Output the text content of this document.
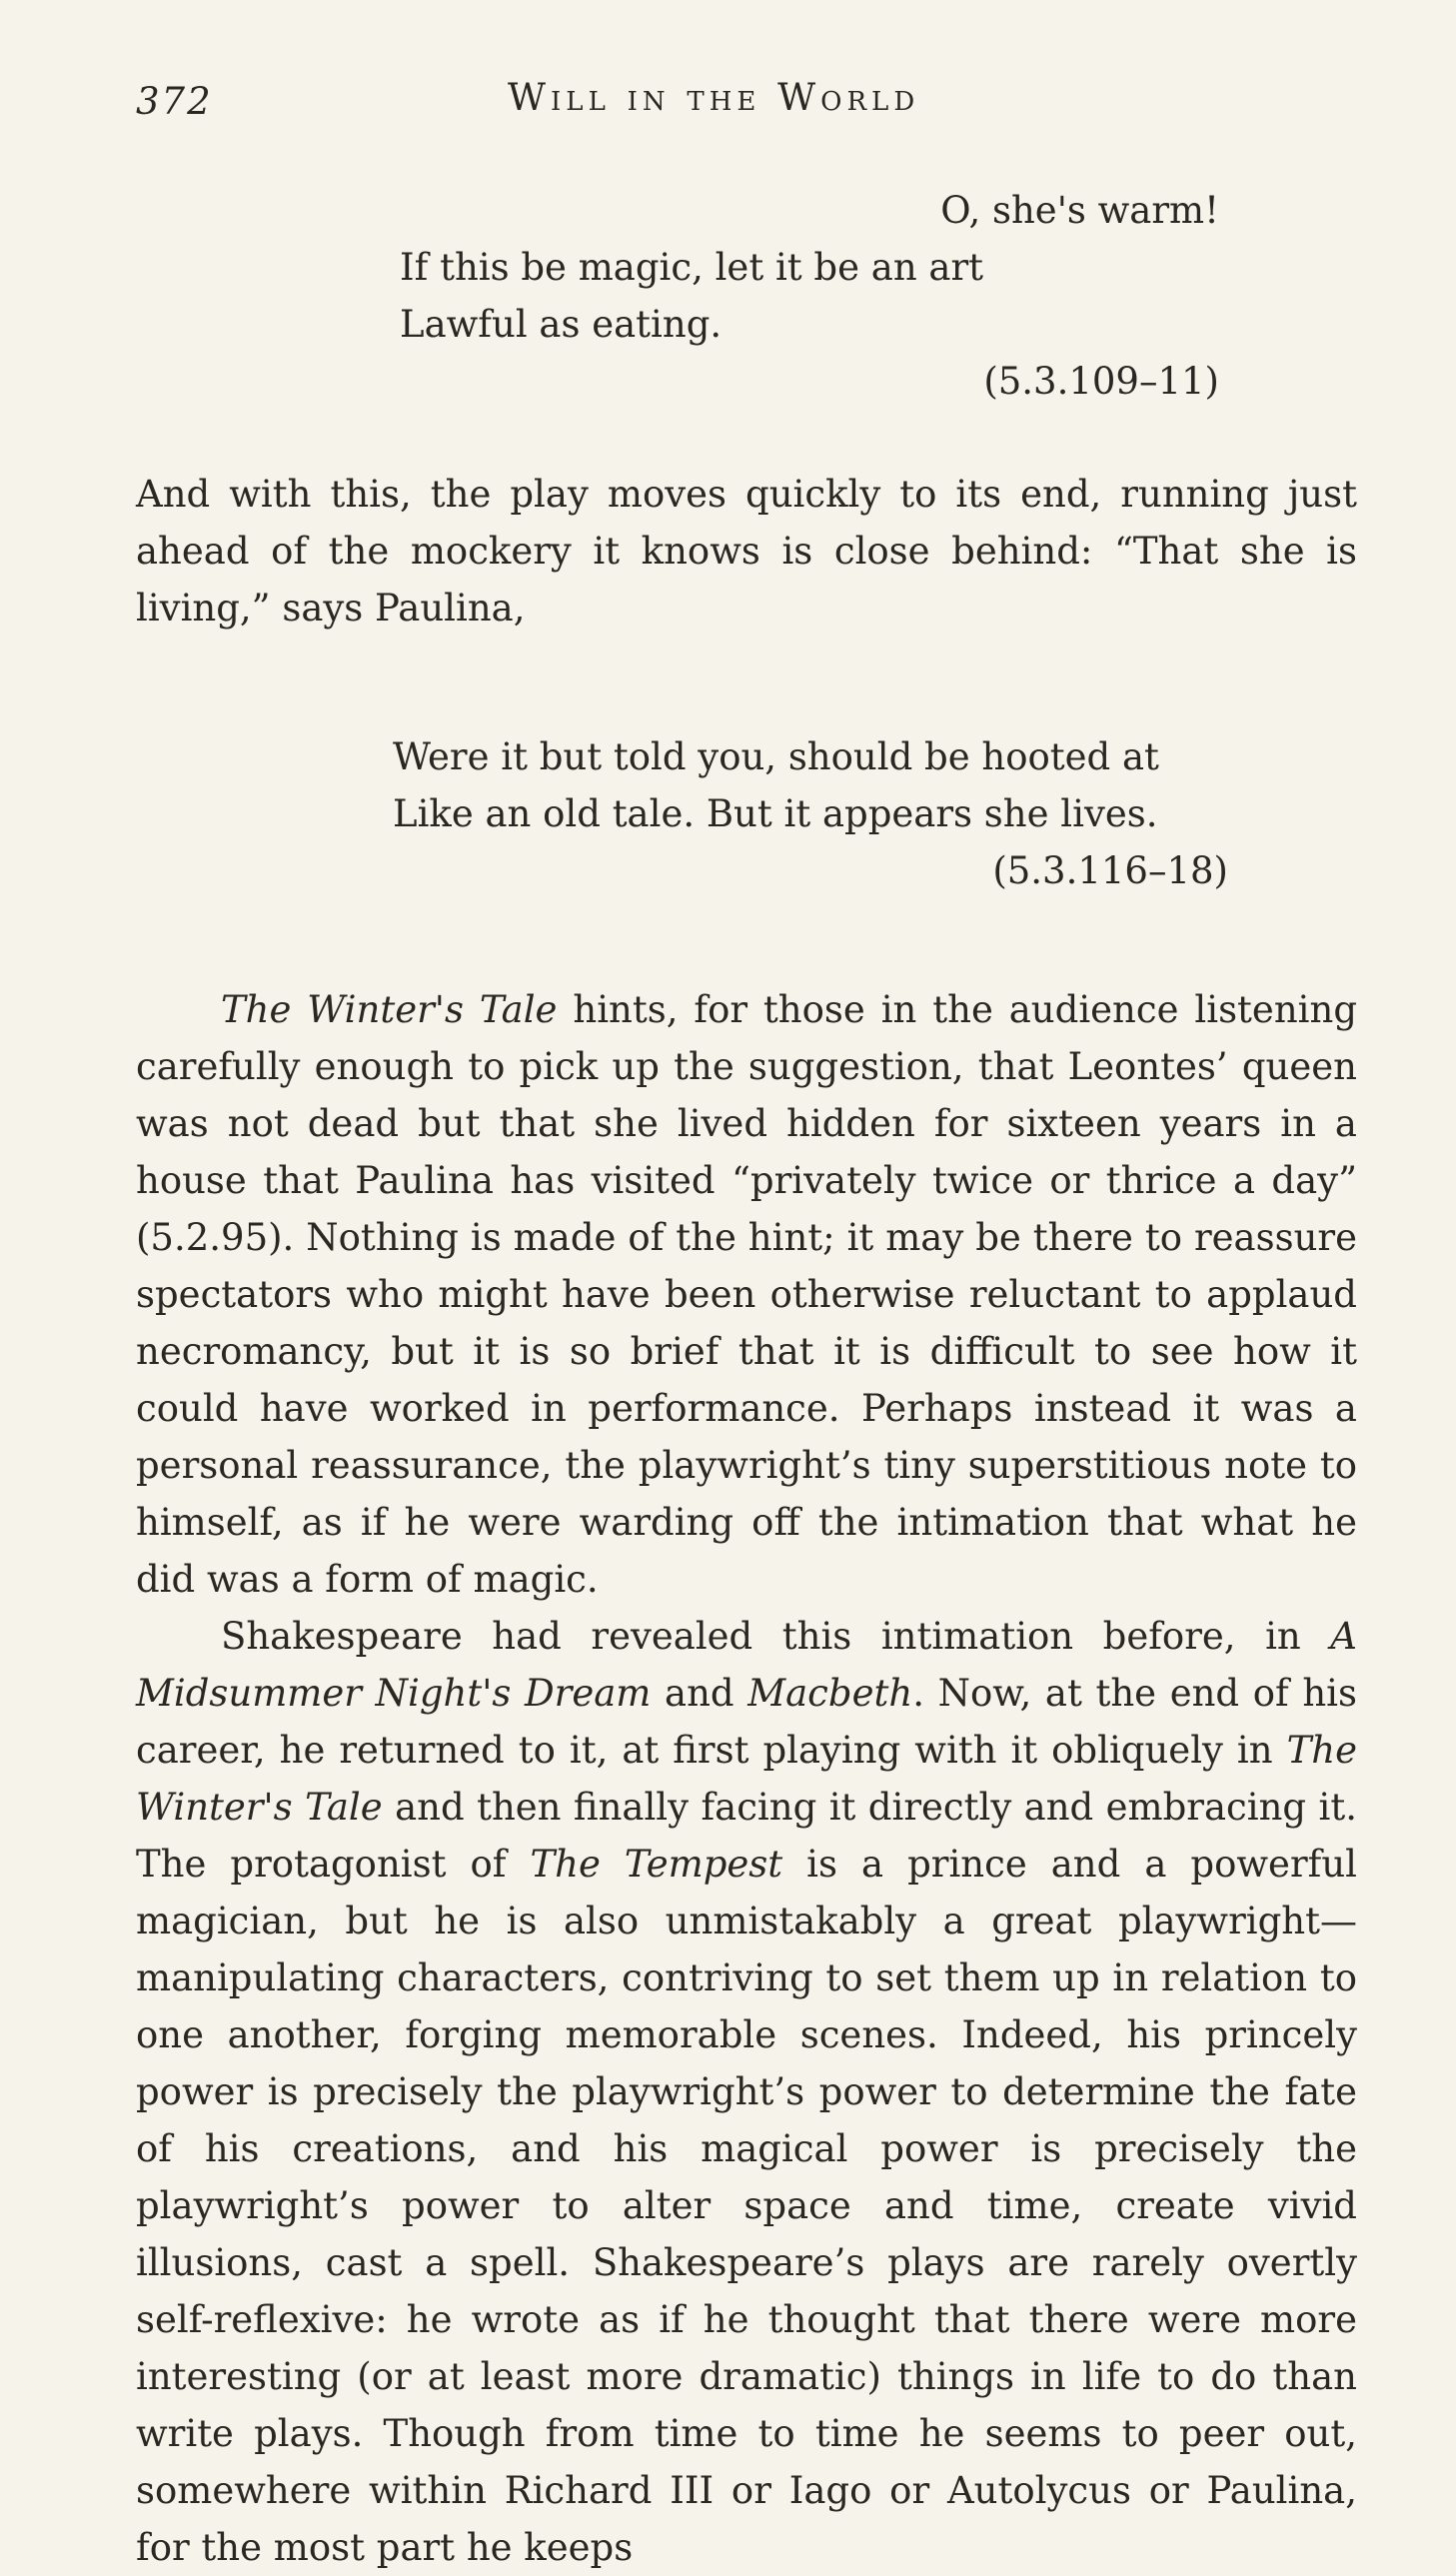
372	Will in the World
O, she's warm!
If this be magic, let it be an art
Lawful as eating.
(5.3.109–11)

And with this, the play moves quickly to its end, running just ahead of the mockery it knows is close behind: “That she is living,” says Paulina,

Were it but told you, should be hooted at
Like an old tale. But it appears she lives.
(5.3.116–18)

The Winter's Tale hints, for those in the audience listening carefully enough to pick up the suggestion, that Leontes’ queen was not dead but that she lived hidden for sixteen years in a house that Paulina has visited “privately twice or thrice a day” (5.2.95). Nothing is made of the hint; it may be there to reassure spectators who might have been otherwise reluctant to applaud necromancy, but it is so brief that it is difficult to see how it could have worked in performance. Perhaps instead it was a personal reassurance, the playwright’s tiny superstitious note to himself, as if he were warding off the intimation that what he did was a form of magic.

Shakespeare had revealed this intimation before, in A Midsummer Night's Dream and Macbeth. Now, at the end of his career, he returned to it, at first playing with it obliquely in The Winter's Tale and then finally facing it directly and embracing it. The protagonist of The Tempest is a prince and a powerful magician, but he is also unmistakably a great playwright—manipulating characters, contriving to set them up in relation to one another, forging memorable scenes. Indeed, his princely power is precisely the playwright’s power to determine the fate of his creations, and his magical power is precisely the playwright’s power to alter space and time, create vivid illusions, cast a spell. Shakespeare’s plays are rarely overtly self-reflexive: he wrote as if he thought that there were more interesting (or at least more dramatic) things in life to do than write plays. Though from time to time he seems to peer out, somewhere within Richard III or Iago or Autolycus or Paulina, for the most part he keeps
